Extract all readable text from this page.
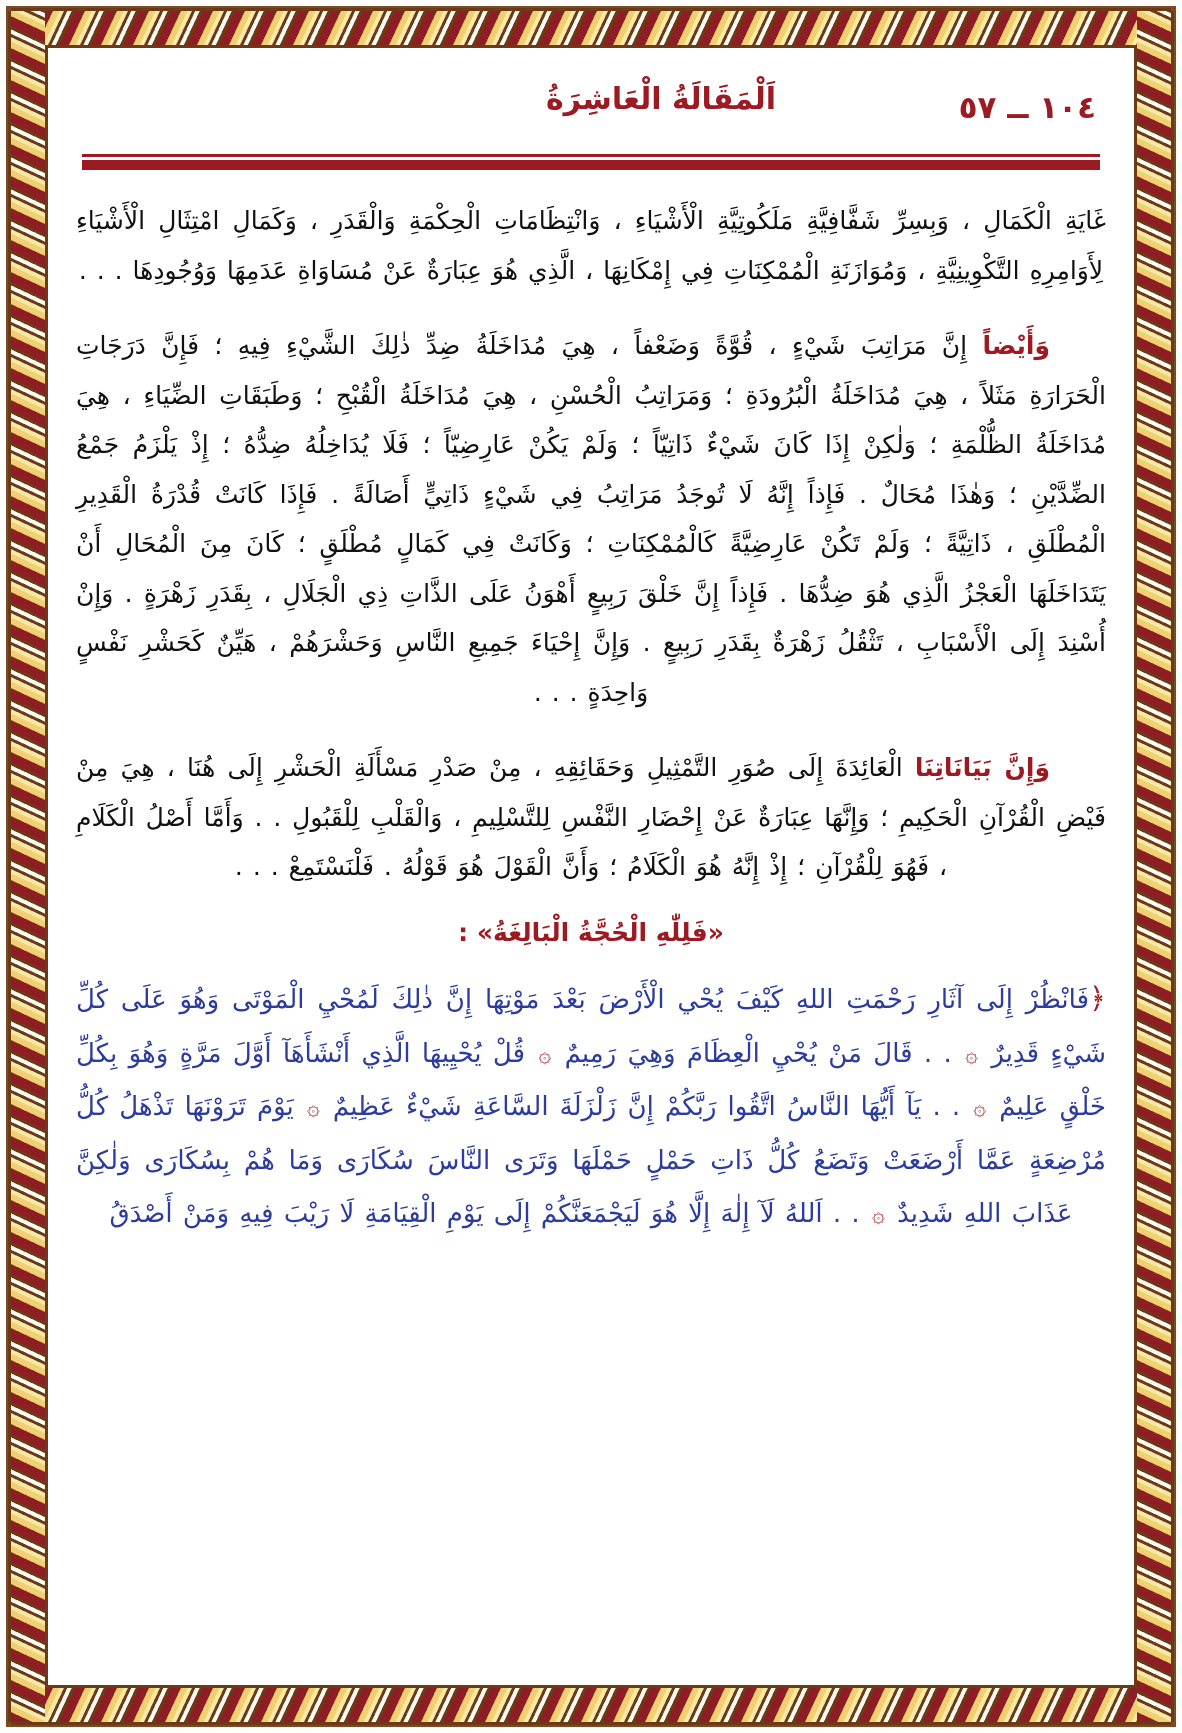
١٠٤ ــ ٥٧
اَلْمَقَالَةُ الْعَاشِرَةُ

غَايَةِ الْكَمَالِ ، وَبِسِرِّ شَفَّافِيَّةِ مَلَكُوتِيَّةِ الْأَشْيَاءِ ، وَانْتِظَامَاتِ الْحِكْمَةِ وَالْقَدَرِ ، وَكَمَالِ امْتِثَالِ الْأَشْيَاءِ لِأَوَامِرِهِ التَّكْوِينِيَّةِ ، وَمُوَازَنَةِ الْمُمْكِنَاتِ فِي إِمْكَانِهَا ، الَّذِي هُوَ عِبَارَةٌ عَنْ مُسَاوَاةِ عَدَمِهَا وَوُجُودِهَا . . .

وَأَيْضاً إِنَّ مَرَاتِبَ شَيْءٍ ، قُوَّةً وَضَعْفاً ، هِيَ مُدَاخَلَةُ ضِدِّ ذٰلِكَ الشَّيْءِ فِيهِ ؛ فَإِنَّ دَرَجَاتِ الْحَرَارَةِ مَثَلاً ، هِيَ مُدَاخَلَةُ الْبُرُودَةِ ؛ وَمَرَاتِبُ الْحُسْنِ ، هِيَ مُدَاخَلَةُ الْقُبْحِ ؛ وَطَبَقَاتِ الضِّيَاءِ ، هِيَ مُدَاخَلَةُ الظُّلْمَةِ ؛ وَلٰكِنْ إِذَا كَانَ شَيْءٌ ذَاتِيّاً ؛ وَلَمْ يَكُنْ عَارِضِيّاً ؛ فَلَا يُدَاخِلُهُ ضِدُّهُ ؛ إِذْ يَلْزَمُ جَمْعُ الضِّدَّيْنِ ؛ وَهٰذَا مُحَالٌ . فَإِذاً إِنَّهُ لَا تُوجَدُ مَرَاتِبُ فِي شَيْءٍ ذَاتِيٍّ أَصَالَةً . فَإِذَا كَانَتْ قُدْرَةُ الْقَدِيرِ الْمُطْلَقِ ، ذَاتِيَّةً ؛ وَلَمْ تَكُنْ عَارِضِيَّةً كَالْمُمْكِنَاتِ ؛ وَكَانَتْ فِي كَمَالٍ مُطْلَقٍ ؛ كَانَ مِنَ الْمُحَالِ أَنْ يَتَدَاخَلَهَا الْعَجْزُ الَّذِي هُوَ ضِدُّهَا . فَإِذاً إِنَّ خَلْقَ رَبِيعٍ أَهْوَنُ عَلَى الذَّاتِ ذِي الْجَلَالِ ، بِقَدَرِ زَهْرَةٍ . وَإِنْ أُسْنِدَ إِلَى الْأَسْبَابِ ، تَثْقُلُ زَهْرَةٌ بِقَدَرِ رَبِيعٍ . وَإِنَّ إِحْيَاءَ جَمِيعِ النَّاسِ وَحَشْرَهُمْ ، هَيِّنٌ كَحَشْرِ نَفْسٍ وَاحِدَةٍ . . .

وَإِنَّ بَيَانَاتِنَا الْعَائِدَةَ إِلَى صُوَرِ التَّمْثِيلِ وَحَقَائِقِهِ ، مِنْ صَدْرِ مَسْأَلَةِ الْحَشْرِ إِلَى هُنَا ، هِيَ مِنْ فَيْضِ الْقُرْآنِ الْحَكِيمِ ؛ وَإِنَّهَا عِبَارَةٌ عَنْ إِحْضَارِ النَّفْسِ لِلتَّسْلِيمِ ، وَالْقَلْبِ لِلْقَبُولِ . . وَأَمَّا أَصْلُ الْكَلَامِ ، فَهُوَ لِلْقُرْآنِ ؛ إِذْ إِنَّهُ هُوَ الْكَلَامُ ؛ وَأَنَّ الْقَوْلَ هُوَ قَوْلُهُ . فَلْنَسْتَمِعْ . . .

«فَلِلّٰهِ الْحُجَّةُ الْبَالِغَةُ» :

﴿فَانْظُرْ إِلَى آثَارِ رَحْمَتِ اللهِ كَيْفَ يُحْي الْأَرْضَ بَعْدَ مَوْتِهَا إِنَّ ذٰلِكَ لَمُحْيِ الْمَوْتَى وَهُوَ عَلَى كُلِّ شَيْءٍ قَدِيرٌ ۞ . . قَالَ مَنْ يُحْيِ الْعِظَامَ وَهِيَ رَمِيمٌ ۞ قُلْ يُحْيِيهَا الَّذِي أَنْشَأَهَآ أَوَّلَ مَرَّةٍ وَهُوَ بِكُلِّ خَلْقٍ عَلِيمٌ ۞ . . يَآ أَيُّهَا النَّاسُ اتَّقُوا رَبَّكُمْ إِنَّ زَلْزَلَةَ السَّاعَةِ شَيْءٌ عَظِيمٌ ۞ يَوْمَ تَرَوْنَهَا تَذْهَلُ كُلُّ مُرْضِعَةٍ عَمَّا أَرْضَعَتْ وَتَضَعُ كُلُّ ذَاتِ حَمْلٍ حَمْلَهَا وَتَرَى النَّاسَ سُكَارَى وَمَا هُمْ بِسُكَارَى وَلٰكِنَّ عَذَابَ اللهِ شَدِيدٌ ۞ . . اَللهُ لَآ إِلٰهَ إِلَّا هُوَ لَيَجْمَعَنَّكُمْ إِلَى يَوْمِ الْقِيَامَةِ لَا رَيْبَ فِيهِ وَمَنْ أَصْدَقُ
